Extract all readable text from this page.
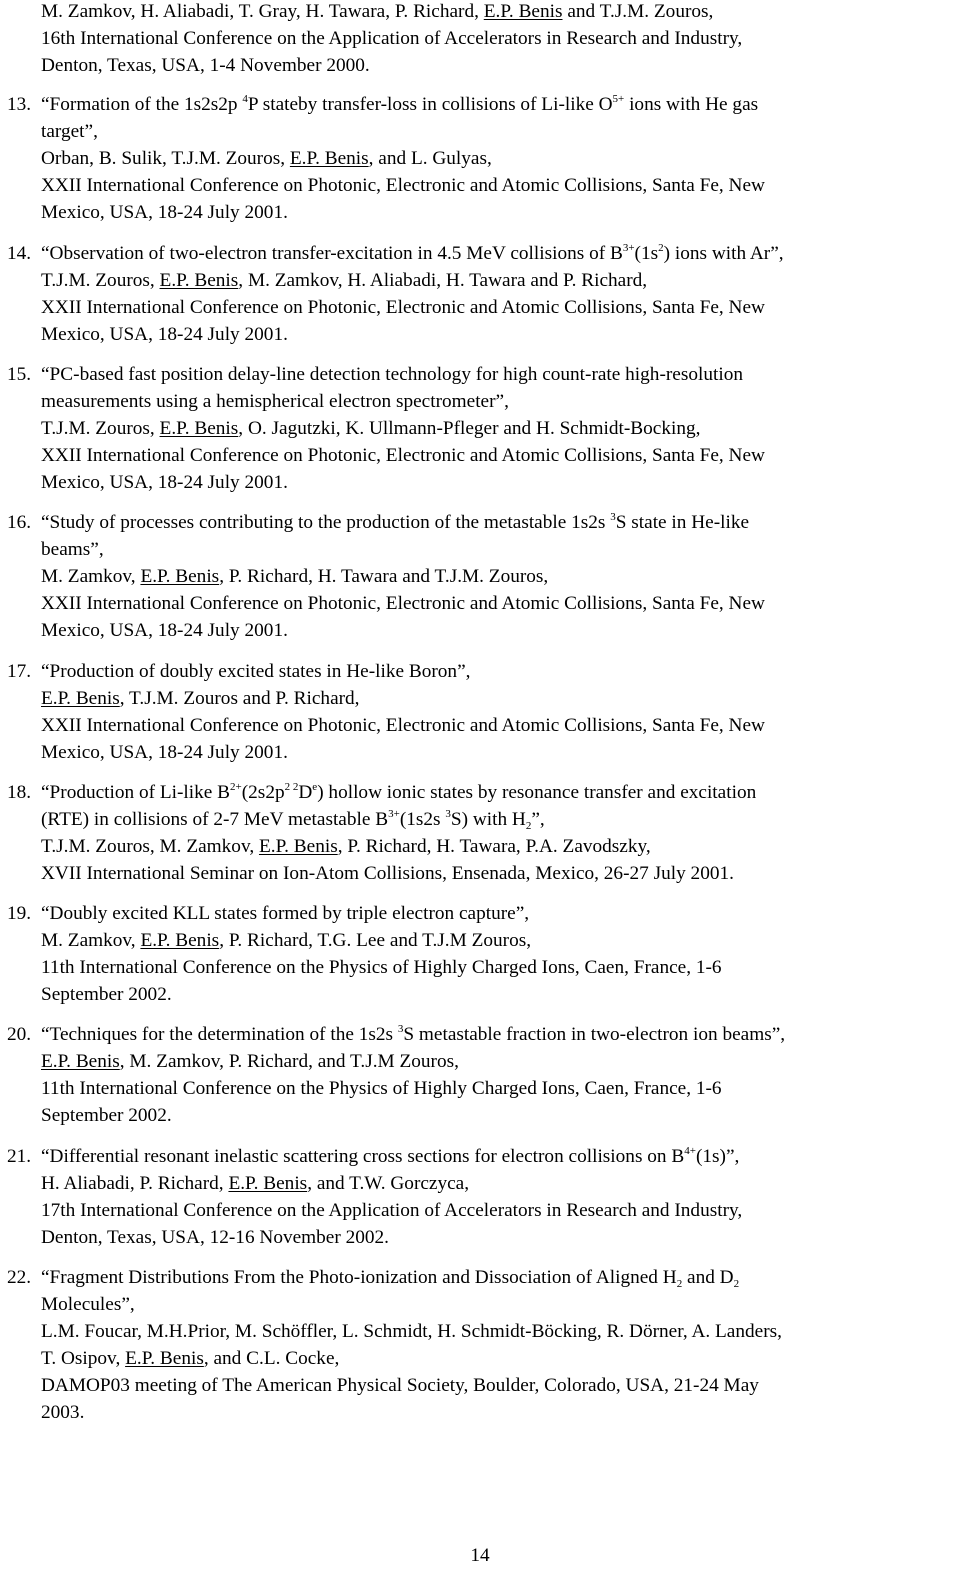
M. Zamkov, H. Aliabadi, T. Gray, H. Tawara, P. Richard, E.P. Benis and T.J.M. Zouros,
16th International Conference on the Application of Accelerators in Research and Industry,
Denton, Texas, USA, 1-4 November 2000.
13. “Formation of the 1s2s2p $^4$P stateby transfer-loss in collisions of Li-like $O^{5+}$ ions with He gas
target”,
Orban, B. Sulik, T.J.M. Zouros, E.P. Benis, and L. Gulyas,
XXII International Conference on Photonic, Electronic and Atomic Collisions, Santa Fe, New
Mexico, USA, 18-24 July 2001.
14. “Observation of two-electron transfer-excitation in 4.5 MeV collisions of $B^{3+}(1s^2)$ ions with Ar”,
T.J.M. Zouros, E.P. Benis, M. Zamkov, H. Aliabadi, H. Tawara and P. Richard,
XXII International Conference on Photonic, Electronic and Atomic Collisions, Santa Fe, New
Mexico, USA, 18-24 July 2001.
15. “PC-based fast position delay-line detection technology for high count-rate high-resolution
measurements using a hemispherical electron spectrometer”,
T.J.M. Zouros, E.P. Benis, O. Jagutzki, K. Ullmann-Pfleger and H. Schmidt-Bocking,
XXII International Conference on Photonic, Electronic and Atomic Collisions, Santa Fe, New
Mexico, USA, 18-24 July 2001.
16. “Study of processes contributing to the production of the metastable 1s2s $^3$S state in He-like
beams”,
M. Zamkov, E.P. Benis, P. Richard, H. Tawara and T.J.M. Zouros,
XXII International Conference on Photonic, Electronic and Atomic Collisions, Santa Fe, New
Mexico, USA, 18-24 July 2001.
17. “Production of doubly excited states in He-like Boron”,
E.P. Benis, T.J.M. Zouros and P. Richard,
XXII International Conference on Photonic, Electronic and Atomic Collisions, Santa Fe, New
Mexico, USA, 18-24 July 2001.
18. “Production of Li-like $B^{2+}(2s2p^{2 2}De)$ hollow ionic states by resonance transfer and excitation
(RTE) in collisions of 2-7 MeV metastable $B^{3+}(1s2s$ $^3$S) with $H_2$”,
T.J.M. Zouros, M. Zamkov, E.P. Benis, P. Richard, H. Tawara, P.A. Zavodszky,
XVII International Seminar on Ion-Atom Collisions, Ensenada, Mexico, 26-27 July 2001.
19. “Doubly excited KLL states formed by triple electron capture”,
M. Zamkov, E.P. Benis, P. Richard, T.G. Lee and T.J.M Zouros,
11th International Conference on the Physics of Highly Charged Ions, Caen, France, 1-6
September 2002.
20. “Techniques for the determination of the 1s2s $^3$S metastable fraction in two-electron ion beams”,
E.P. Benis, M. Zamkov, P. Richard, and T.J.M Zouros,
11th International Conference on the Physics of Highly Charged Ions, Caen, France, 1-6
September 2002.
21. “Differential resonant inelastic scattering cross sections for electron collisions on $B^{4+}(1s)$”,
H. Aliabadi, P. Richard, E.P. Benis, and T.W. Gorczyca,
17th International Conference on the Application of Accelerators in Research and Industry,
Denton, Texas, USA, 12-16 November 2002.
22. “Fragment Distributions From the Photo-ionization and Dissociation of Aligned $H_2$ and $D_2$
Molecules”,
L.M. Foucar, M.H.Prior, M. Schöffler, L. Schmidt, H. Schmidt-Böcking, R. Dörner, A. Landers,
T. Osipov, E.P. Benis, and C.L. Cocke,
DAMOP03 meeting of The American Physical Society, Boulder, Colorado, USA, 21-24 May
2003.
14
